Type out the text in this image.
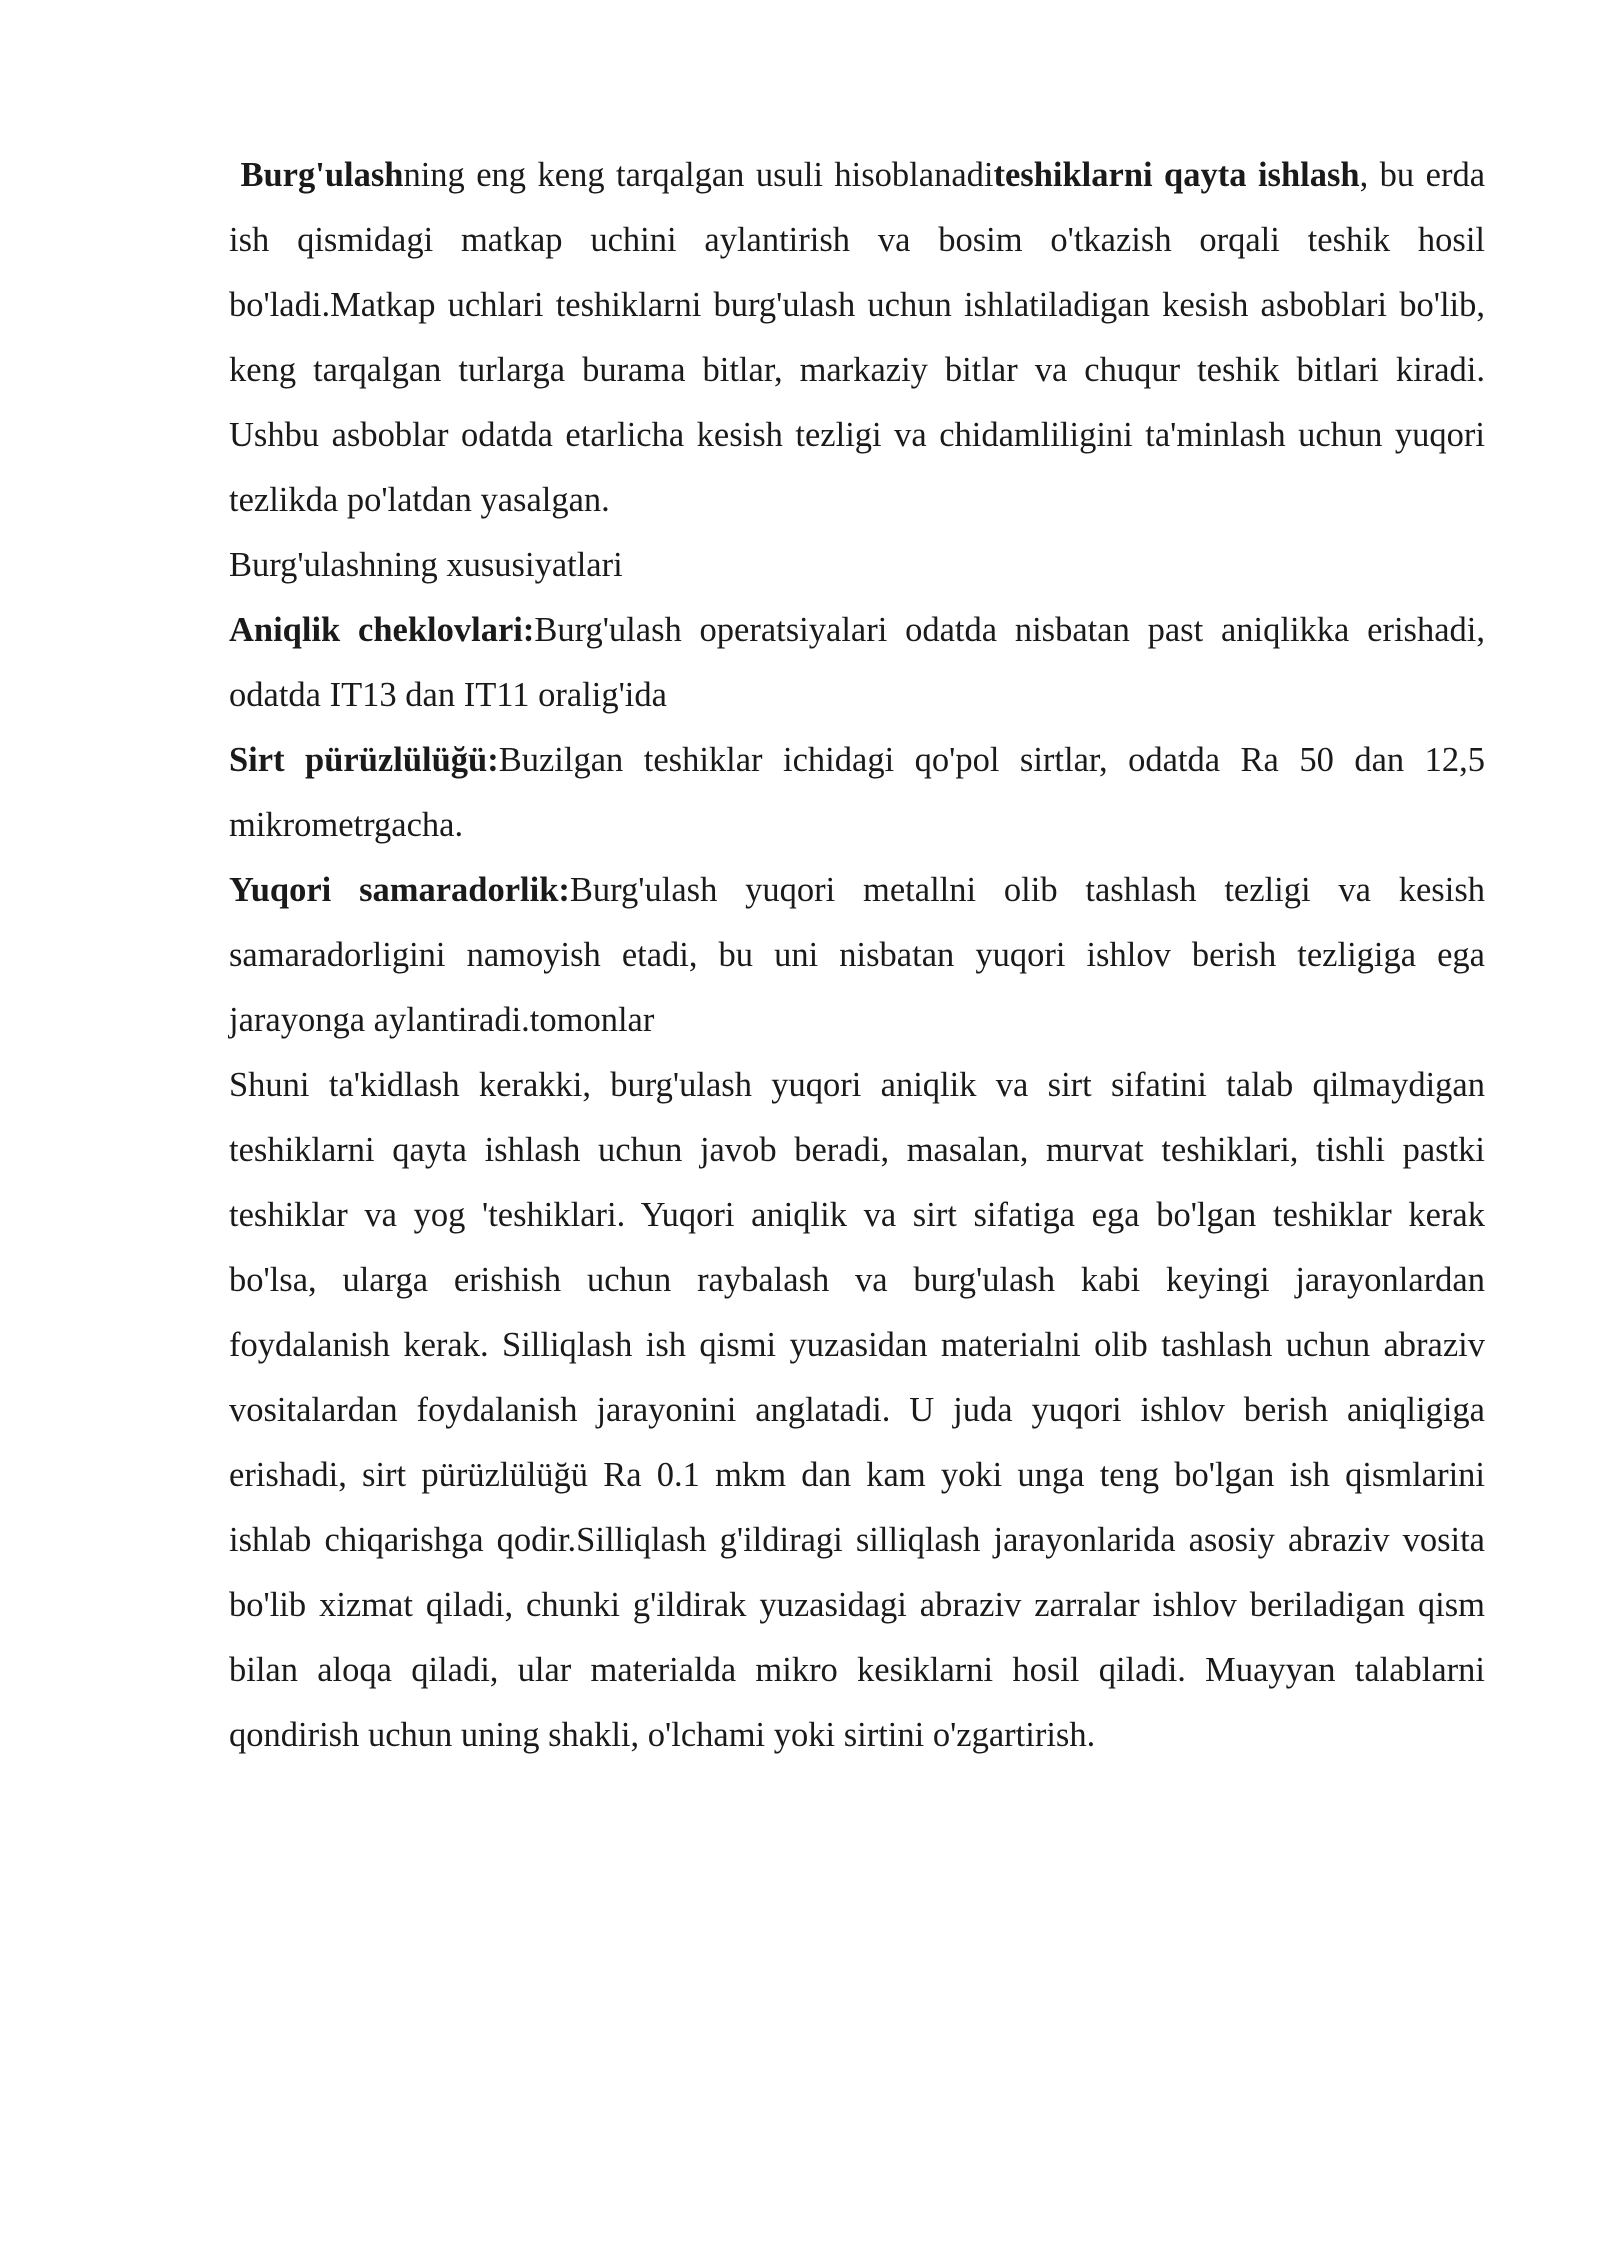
Burg'ulashning eng keng tarqalgan usuli hisoblanaditeshiklarni qayta ishlash, bu erda ish qismidagi matkap uchini aylantirish va bosim o'tkazish orqali teshik hosil bo'ladi.Matkap uchlari teshiklarni burg'ulash uchun ishlatiladigan kesish asboblari bo'lib, keng tarqalgan turlarga burama bitlar, markaziy bitlar va chuqur teshik bitlari kiradi. Ushbu asboblar odatda etarlicha kesish tezligi va chidamliligini ta'minlash uchun yuqori tezlikda po'latdan yasalgan.

Burg'ulashning xususiyatlari

Aniqlik cheklovlari:Burg'ulash operatsiyalari odatda nisbatan past aniqlikka erishadi, odatda IT13 dan IT11 oralig'ida

Sirt pürüzlülüğü:Buzilgan teshiklar ichidagi qo'pol sirtlar, odatda Ra 50 dan 12,5 mikrometrgacha.

Yuqori samaradorlik:Burg'ulash yuqori metallni olib tashlash tezligi va kesish samaradorligini namoyish etadi, bu uni nisbatan yuqori ishlov berish tezligiga ega jarayonga aylantiradi.tomonlar

Shuni ta'kidlash kerakki, burg'ulash yuqori aniqlik va sirt sifatini talab qilmaydigan teshiklarni qayta ishlash uchun javob beradi, masalan, murvat teshiklari, tishli pastki teshiklar va yog 'teshiklari. Yuqori aniqlik va sirt sifatiga ega bo'lgan teshiklar kerak bo'lsa, ularga erishish uchun raybalash va burg'ulash kabi keyingi jarayonlardan foydalanish kerak. Silliqlash ish qismi yuzasidan materialni olib tashlash uchun abraziv vositalardan foydalanish jarayonini anglatadi. U juda yuqori ishlov berish aniqligiga erishadi, sirt pürüzlülüğü Ra 0.1 mkm dan kam yoki unga teng bo'lgan ish qismlarini ishlab chiqarishga qodir.Silliqlash g'ildiragi silliqlash jarayonlarida asosiy abraziv vosita bo'lib xizmat qiladi, chunki g'ildirak yuzasidagi abraziv zarralar ishlov beriladigan qism bilan aloqa qiladi, ular materialda mikro kesiklarni hosil qiladi. Muayyan talablarni qondirish uchun uning shakli, o'lchami yoki sirtini o'zgartirish.
